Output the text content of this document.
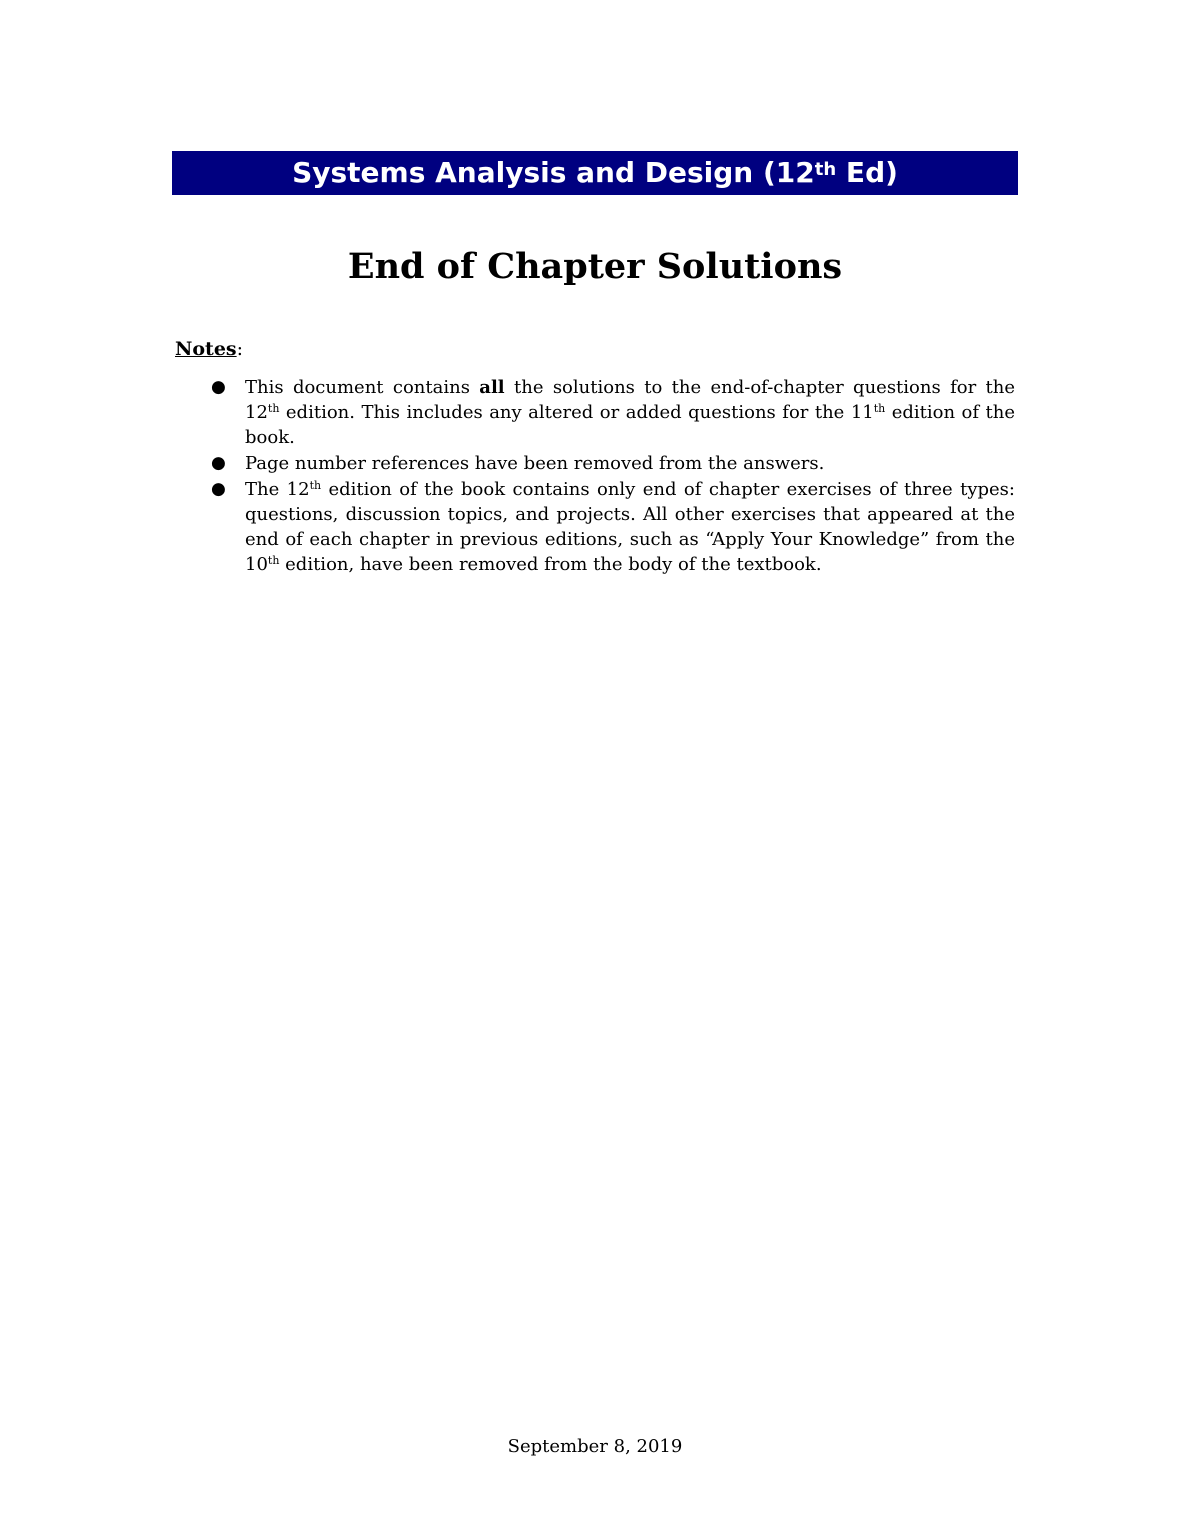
Systems Analysis and Design (12th Ed)
End of Chapter Solutions
Notes:
● This document contains all the solutions to the end-of-chapter questions for the 12th edition. This includes any altered or added questions for the 11th edition of the book.
● Page number references have been removed from the answers.
● The 12th edition of the book contains only end of chapter exercises of three types: questions, discussion topics, and projects. All other exercises that appeared at the end of each chapter in previous editions, such as “Apply Your Knowledge” from the 10th edition, have been removed from the body of the textbook.
September 8, 2019
